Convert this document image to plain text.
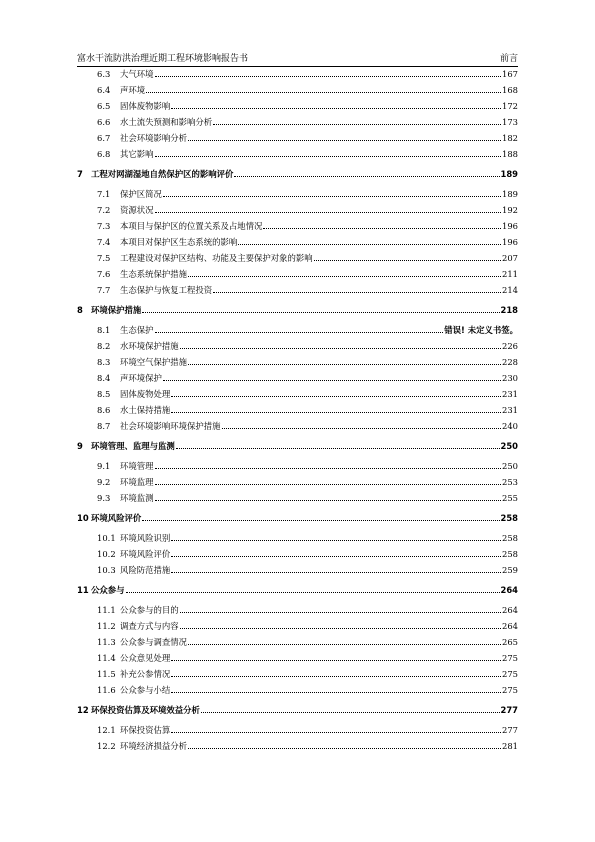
富水干流防洪治理近期工程环境影响报告书	前言
6.3	大气环境	167
6.4	声环境	168
6.5	固体废物影响	172
6.6	水土流失预测和影响分析	173
6.7	社会环境影响分析	182
6.8	其它影响	188
7 工程对网湖湿地自然保护区的影响评价	189
7.1	保护区简况	189
7.2	资源状况	192
7.3	本项目与保护区的位置关系及占地情况	196
7.4	本项目对保护区生态系统的影响	196
7.5	工程建设对保护区结构、功能及主要保护对象的影响	207
7.6	生态系统保护措施	211
7.7	生态保护与恢复工程投资	214
8 环境保护措施	218
8.1	生态保护	错误! 未定义书签。
8.2	水环境保护措施	226
8.3	环境空气保护措施	228
8.4	声环境保护	230
8.5	固体废物处理	231
8.6	水土保持措施	231
8.7	社会环境影响环境保护措施	240
9 环境管理、监理与监测	250
9.1	环境管理	250
9.2	环境监理	253
9.3	环境监测	255
10 环境风险评价	258
10.1 环境风险识别	258
10.2 环境风险评价	258
10.3 风险防范措施	259
11 公众参与	264
11.1 公众参与的目的	264
11.2 调查方式与内容	264
11.3 公众参与调查情况	265
11.4 公众意见处理	275
11.5 补充公参情况	275
11.6 公众参与小结	275
12 环保投资估算及环境效益分析	277
12.1 环保投资估算	277
12.2 环境经济损益分析	281
